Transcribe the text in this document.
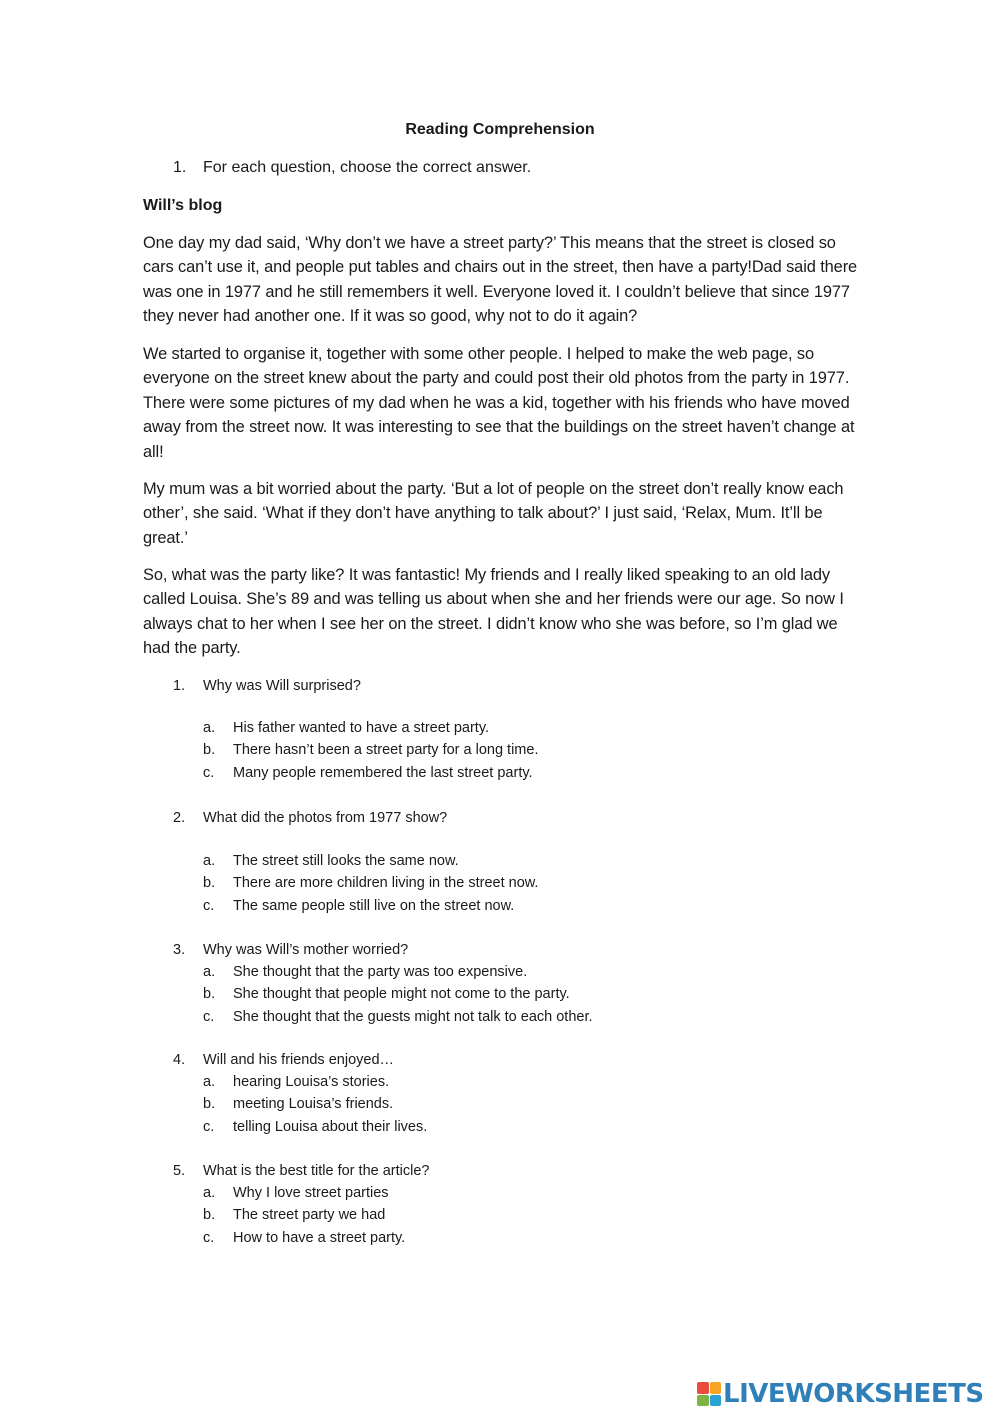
Reading Comprehension
1. For each question, choose the correct answer.
Will’s blog

One day my dad said, ‘Why don’t we have a street party?’ This means that the street is closed so cars can’t use it, and people put tables and chairs out in the street, then have a party!Dad said there was one in 1977 and he still remembers it well. Everyone loved it. I couldn’t believe that since 1977 they never had another one. If it was so good, why not to do it again?

We started to organise it, together with some other people. I helped to make the web page, so everyone on the street knew about the party and could post their old photos from the party in 1977. There were some pictures of my dad when he was a kid, together with his friends who have moved away from the street now. It was interesting to see that the buildings on the street haven’t change at all!

My mum was a bit worried about the party. ‘But a lot of people on the street don’t really know each other’, she said. ‘What if they don’t have anything to talk about?’ I just said, ‘Relax, Mum. It’ll be great.’

So, what was the party like? It was fantastic! My friends and I really liked speaking to an old lady called Louisa. She’s 89 and was telling us about when she and her friends were our age. So now I always chat to her when I see her on the street. I didn’t know who she was before, so I’m glad we had the party.

1. Why was Will surprised?
a. His father wanted to have a street party.
b. There hasn’t been a street party for a long time.
c. Many people remembered the last street party.
2. What did the photos from 1977 show?
a. The street still looks the same now.
b. There are more children living in the street now.
c. The same people still live on the street now.
3. Why was Will’s mother worried?
a. She thought that the party was too expensive.
b. She thought that people might not come to the party.
c. She thought that the guests might not talk to each other.
4. Will and his friends enjoyed…
a. hearing Louisa’s stories.
b. meeting Louisa’s friends.
c. telling Louisa about their lives.
5. What is the best title for the article?
a. Why I love street parties
b. The street party we had
c. How to have a street party.
LIVEWORKSHEETS
